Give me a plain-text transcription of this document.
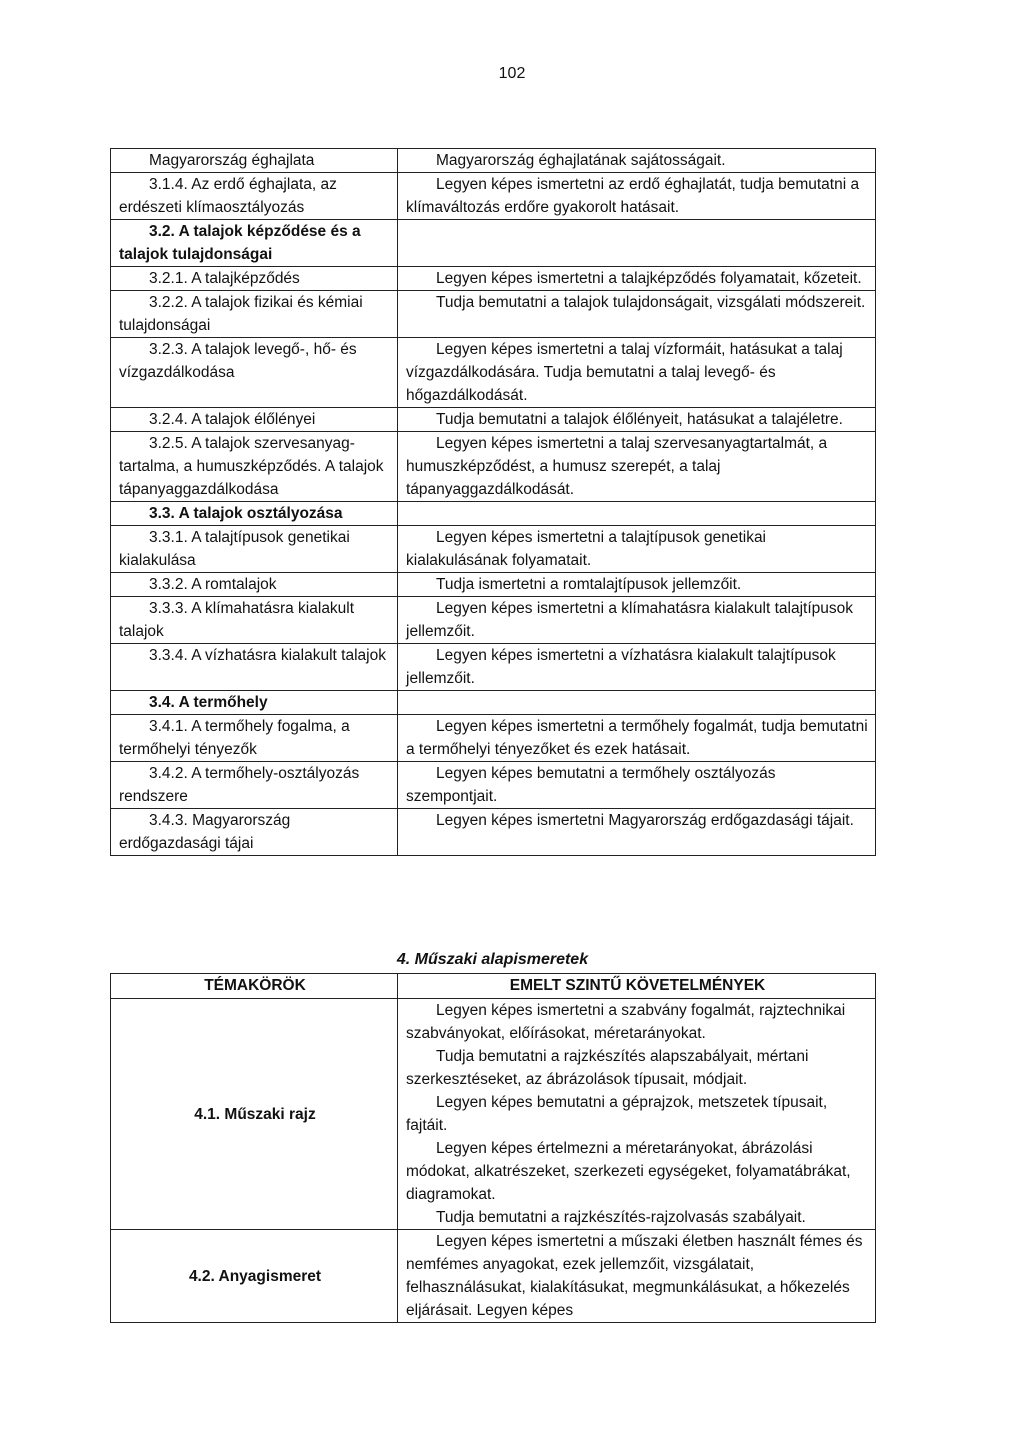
102
Magyarország éghajlata	Magyarország éghajlatának sajátosságait.

3.1.4. Az erdő éghajlata, az erdészeti klímaosztályozás	Legyen képes ismertetni az erdő éghajlatát, tudja bemutatni a klímaváltozás erdőre gyakorolt hatásait.

3.2. A talajok képződése és a talajok tulajdonságai	

3.2.1. A talajképződés	Legyen képes ismertetni a talajképződés folyamatait, kőzeteit.

3.2.2. A talajok fizikai és kémiai tulajdonságai	Tudja bemutatni a talajok tulajdonságait, vizsgálati módszereit.

3.2.3. A talajok levegő-, hő- és vízgazdálkodása	Legyen képes ismertetni a talaj vízformáit, hatásukat a talaj vízgazdálkodására. Tudja bemutatni a talaj levegő- és hőgazdálkodását.

3.2.4. A talajok élőlényei	Tudja bemutatni a talajok élőlényeit, hatásukat a talajéletre.

3.2.5. A talajok szervesanyag-tartalma, a humuszképződés. A talajok tápanyaggazdálkodása	Legyen képes ismertetni a talaj szervesanyagtartalmát, a humuszképződést, a humusz szerepét, a talaj tápanyaggazdálkodását.

3.3. A talajok osztályozása	

3.3.1. A talajtípusok genetikai kialakulása	Legyen képes ismertetni a talajtípusok genetikai kialakulásának folyamatait.

3.3.2. A romtalajok	Tudja ismertetni a romtalajtípusok jellemzőit.

3.3.3. A klímahatásra kialakult talajok	Legyen képes ismertetni a klímahatásra kialakult talajtípusok jellemzőit.

3.3.4. A vízhatásra kialakult talajok	Legyen képes ismertetni a vízhatásra kialakult talajtípusok jellemzőit.

3.4. A termőhely	

3.4.1. A termőhely fogalma, a termőhelyi tényezők	Legyen képes ismertetni a termőhely fogalmát, tudja bemutatni a termőhelyi tényezőket és ezek hatásait.

3.4.2. A termőhely-osztályozás rendszere	Legyen képes bemutatni a termőhely osztályozás szempontjait.

3.4.3. Magyarország erdőgazdasági tájai	Legyen képes ismertetni Magyarország erdőgazdasági tájait.
4. Műszaki alapismeretek
TÉMAKÖRÖK	EMELT SZINTŰ KÖVETELMÉNYEK
4.1. Műszaki rajz	Legyen képes ismertetni a szabvány fogalmát, rajztechnikai szabványokat, előírásokat, méretarányokat.
Tudja bemutatni a rajzkészítés alapszabályait, mértani szerkesztéseket, az ábrázolások típusait, módjait.
Legyen képes bemutatni a géprajzok, metszetek típusait, fajtáit.
Legyen képes értelmezni a méretarányokat, ábrázolási módokat, alkatrészeket, szerkezeti egységeket, folyamatábrákat, diagramokat.
Tudja bemutatni a rajzkészítés-rajzolvasás szabályait.

4.2. Anyagismeret	Legyen képes ismertetni a műszaki életben használt fémes és nemfémes anyagokat, ezek jellemzőit, vizsgálatait, felhasználásukat, kialakításukat, megmunkálásukat, a hőkezelés eljárásait. Legyen képes
